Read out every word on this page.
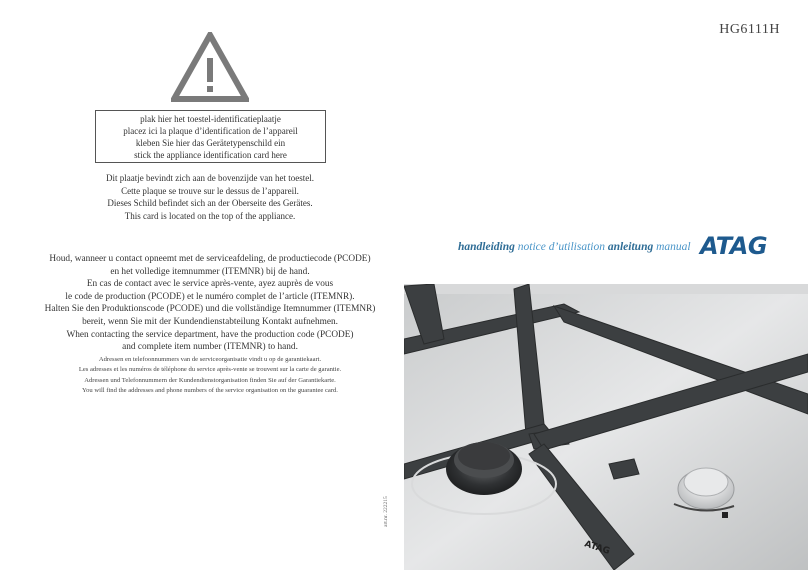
HG6111H
plak hier het toestel-identificatieplaatje
placez ici la plaque d’identification de l’appareil
kleben Sie hier das Gerätetypenschild ein
stick the appliance identification card here
Dit plaatje bevindt zich aan de bovenzijde van het toestel.
Cette plaque se trouve sur le dessus de l’appareil.
Dieses Schild befindet sich an der Oberseite des Gerätes.
This card is located on the top of the appliance.
Houd, wanneer u contact opneemt met de serviceafdeling, de productiecode (PCODE)
en het volledige itemnummer (ITEMNR) bij de hand.
En cas de contact avec le service après-vente, ayez auprès de vous
le code de production (PCODE) et le numéro complet de l’article (ITEMNR).
Halten Sie den Produktionscode (PCODE) und die vollständige Itemnummer (ITEMNR)
bereit, wenn Sie mit der Kundendienstabteilung Kontakt aufnehmen.
When contacting the service department, have the production code (PCODE)
and complete item number (ITEMNR) to hand.
Adressen en telefoonnummers van de serviceorganisatie vindt u op de garantiekaart.
Les adresses et les numéros de téléphone du service après-vente se trouvent sur la carte de garantie.
Adressen und Telefonnummern der Kundendienstorganisation finden Sie auf der Garantiekarte.
You will find the addresses and phone numbers of the service organisation on the guarantee card.
art.nr. 222215
handleiding notice d’utilisation anleitung manual ATAG
ATAG
